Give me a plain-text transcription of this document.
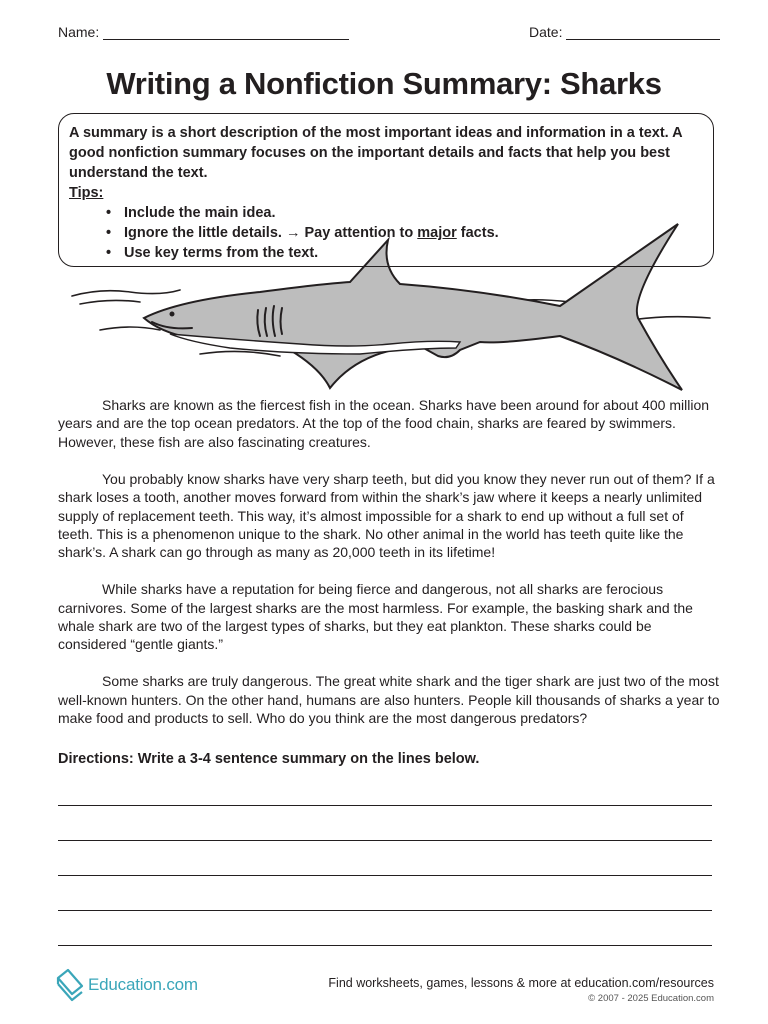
Name:	Date:
Writing a Nonfiction Summary: Sharks

A summary is a short description of the most important ideas and information in a text. A good nonfiction summary focuses on the important details and facts that help you best understand the text.

Tips:

• Include the main idea.
• Ignore the little details. → Pay attention to major facts.
• Use key terms from the text.

Sharks are known as the fiercest fish in the ocean. Sharks have been around for about 400 million years and are the top ocean predators. At the top of the food chain, sharks are feared by swimmers. However, these fish are also fascinating creatures.

You probably know sharks have very sharp teeth, but did you know they never run out of them? If a shark loses a tooth, another moves forward from within the shark’s jaw where it keeps a nearly unlimited supply of replacement teeth. This way, it’s almost impossible for a shark to end up without a full set of teeth. This is a phenomenon unique to the shark. No other animal in the world has teeth quite like the shark’s. A shark can go through as many as 20,000 teeth in its lifetime!

While sharks have a reputation for being fierce and dangerous, not all sharks are ferocious carnivores. Some of the largest sharks are the most harmless. For example, the basking shark and the whale shark are two of the largest types of sharks, but they eat plankton. These sharks could be considered “gentle giants.”

Some sharks are truly dangerous. The great white shark and the tiger shark are just two of the most well-known hunters. On the other hand, humans are also hunters. People kill thousands of sharks a year to make food and products to sell. Who do you think are the most dangerous predators?

Directions: Write a 3-4 sentence summary on the lines below.
Education.com	Find worksheets, games, lessons & more at education.com/resources
© 2007 - 2025 Education.com
